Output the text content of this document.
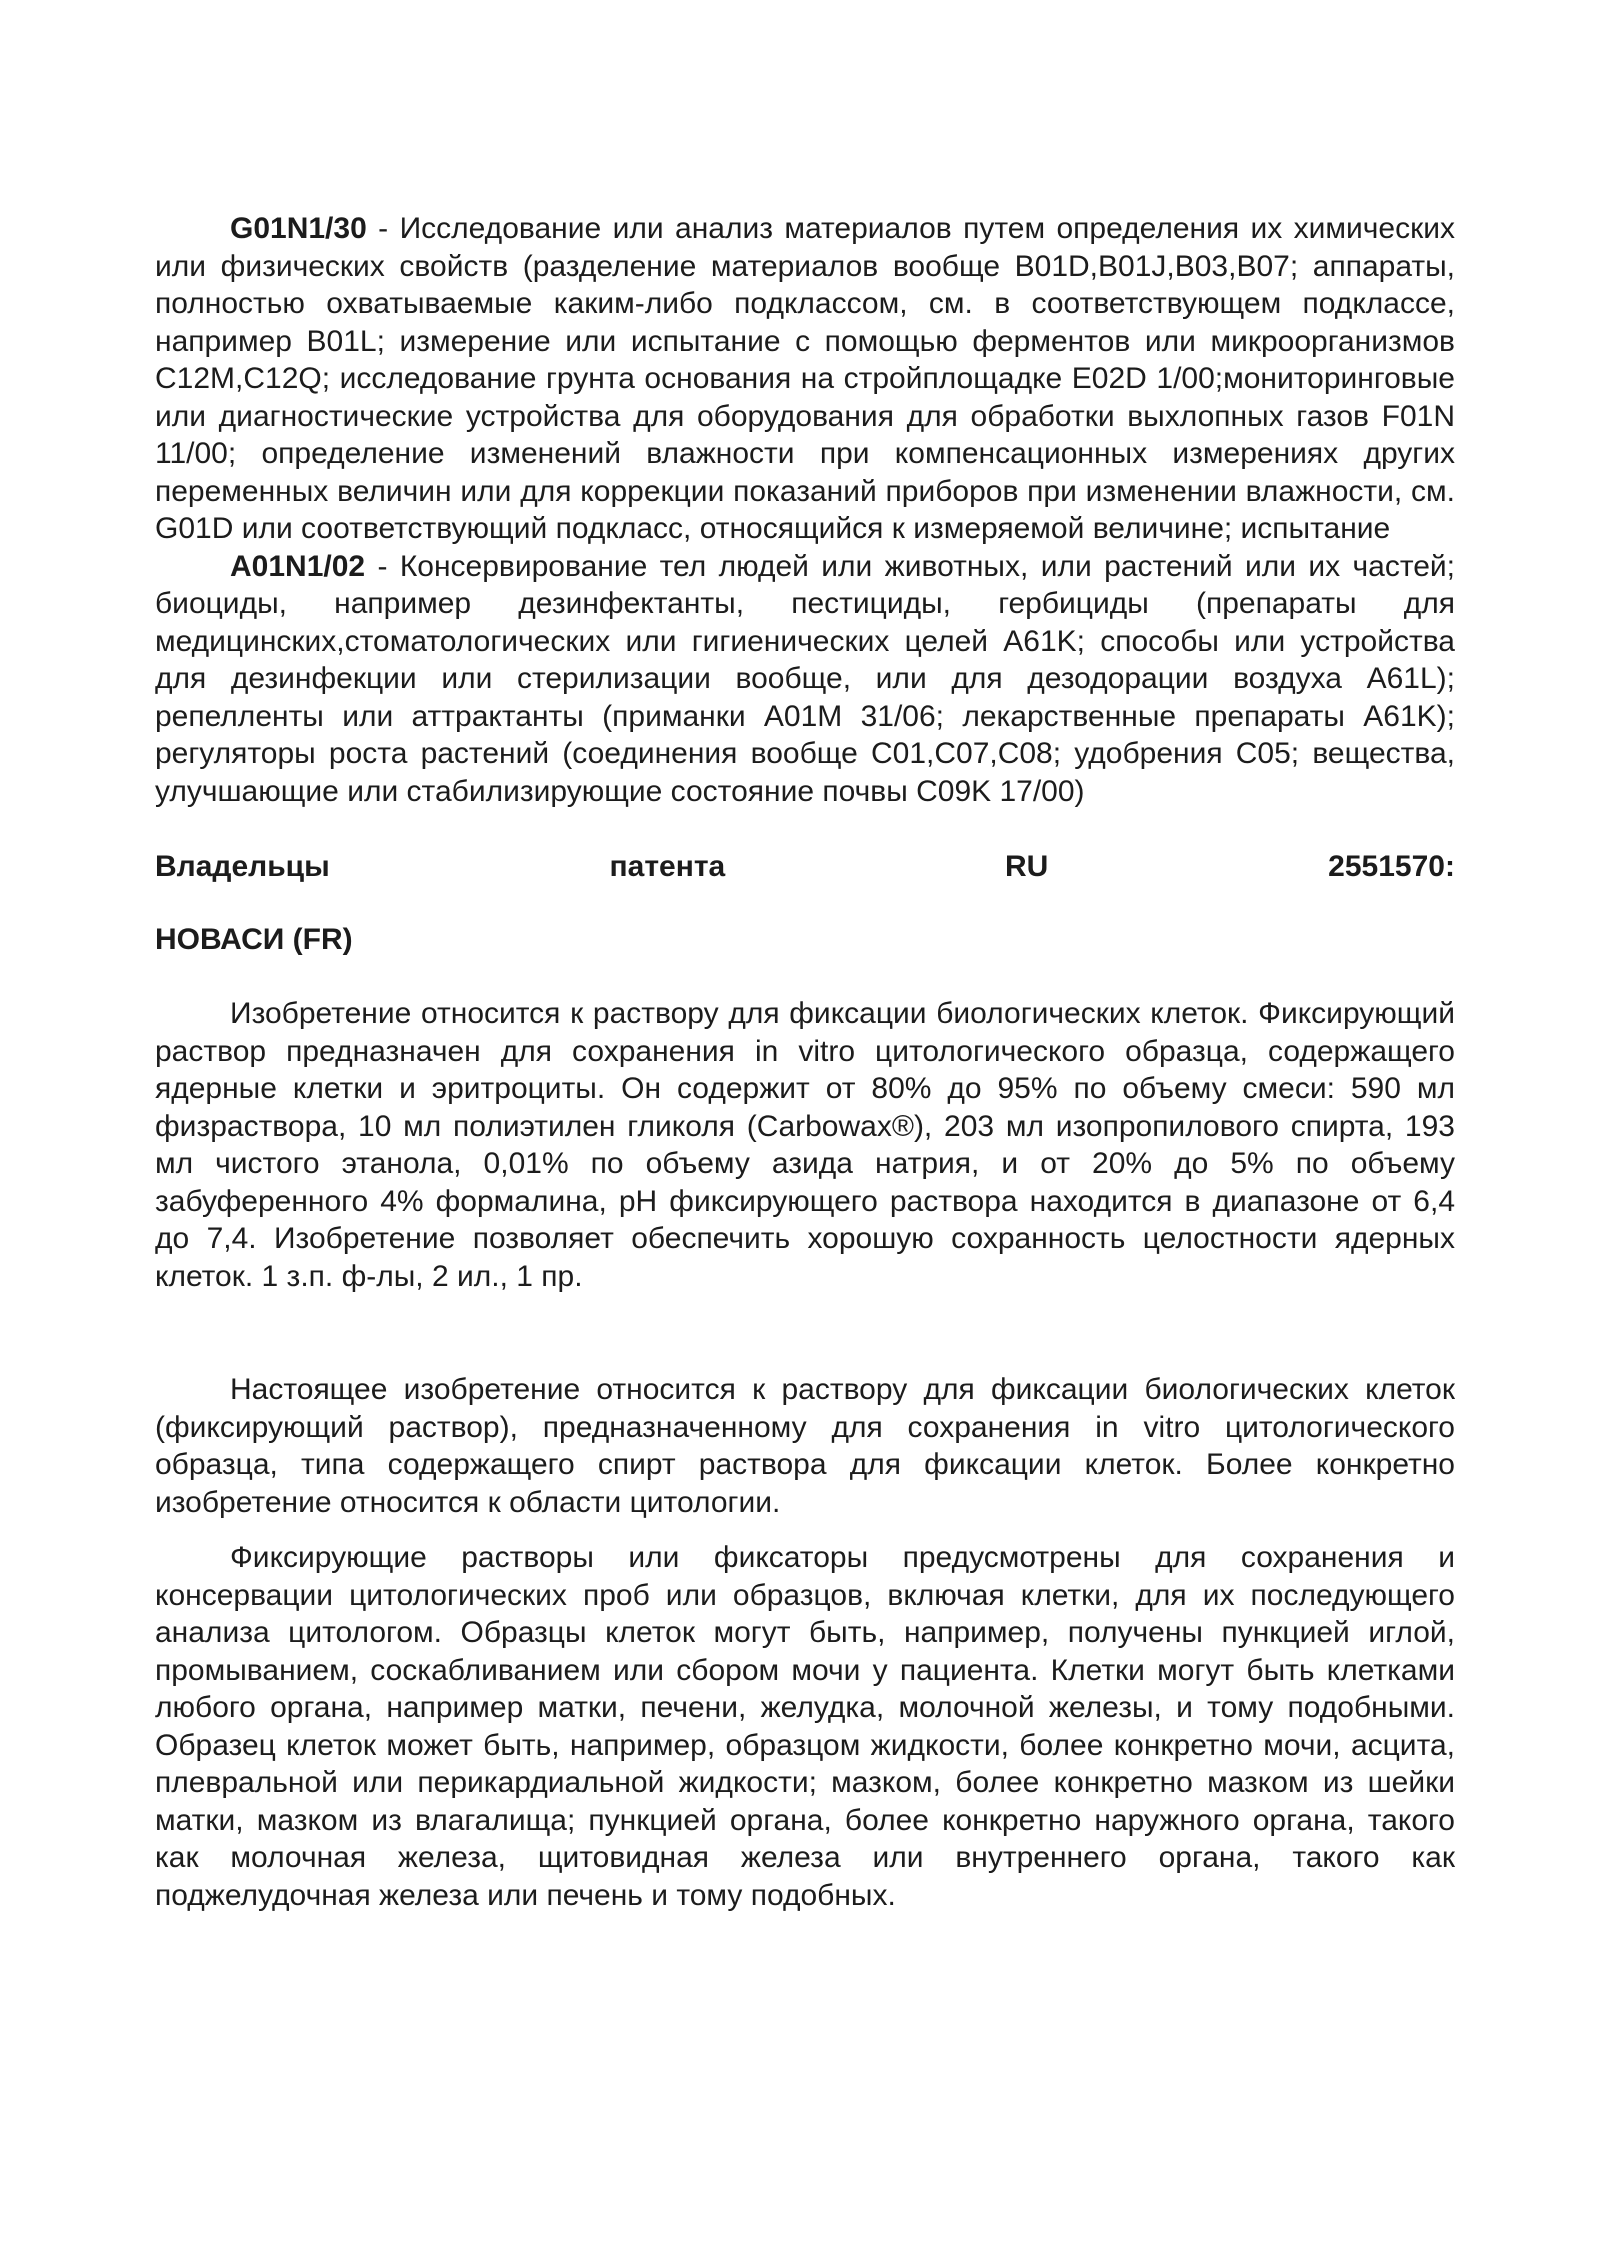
G01N1/30 - Исследование или анализ материалов путем определения их химических или физических свойств (разделение материалов вообще B01D,B01J,B03,B07; аппараты, полностью охватываемые каким-либо подклассом, см. в соответствующем подклассе, например B01L; измерение или испытание с помощью ферментов или микроорганизмов C12M,C12Q; исследование грунта основания на стройплощадке E02D 1/00;мониторинговые или диагностические устройства для оборудования для обработки выхлопных газов F01N 11/00; определение изменений влажности при компенсационных измерениях других переменных величин или для коррекции показаний приборов при изменении влажности, см. G01D или соответствующий подкласс, относящийся к измеряемой величине; испытание

A01N1/02 - Консервирование тел людей или животных, или растений или их частей; биоциды, например дезинфектанты, пестициды, гербициды (препараты для медицинских,стоматологических или гигиенических целей A61K; способы или устройства для дезинфекции или стерилизации вообще, или для дезодорации воздуха A61L); репелленты или аттрактанты (приманки A01M 31/06; лекарственные препараты A61K); регуляторы роста растений (соединения вообще C01,C07,C08; удобрения C05; вещества, улучшающие или стабилизирующие состояние почвы C09K 17/00)

Владельцы	патента	RU	2551570:

НОВАСИ (FR)

Изобретение относится к раствору для фиксации биологических клеток. Фиксирующий раствор предназначен для сохранения in vitro цитологического образца, содержащего ядерные клетки и эритроциты. Он содержит от 80% до 95% по объему смеси: 590 мл физраствора, 10 мл полиэтилен гликоля (Carbowax®), 203 мл изопропилового спирта, 193 мл чистого этанола, 0,01% по объему азида натрия, и от 20% до 5% по объему забуференного 4% формалина, pH фиксирующего раствора находится в диапазоне от 6,4 до 7,4. Изобретение позволяет обеспечить хорошую сохранность целостности ядерных клеток. 1 з.п. ф-лы, 2 ил., 1 пр.

Настоящее изобретение относится к раствору для фиксации биологических клеток (фиксирующий раствор), предназначенному для сохранения in vitro цитологического образца, типа содержащего спирт раствора для фиксации клеток. Более конкретно изобретение относится к области цитологии.

Фиксирующие растворы или фиксаторы предусмотрены для сохранения и консервации цитологических проб или образцов, включая клетки, для их последующего анализа цитологом. Образцы клеток могут быть, например, получены пункцией иглой, промыванием, соскабливанием или сбором мочи у пациента. Клетки могут быть клетками любого органа, например матки, печени, желудка, молочной железы, и тому подобными. Образец клеток может быть, например, образцом жидкости, более конкретно мочи, асцита, плевральной или перикардиальной жидкости; мазком, более конкретно мазком из шейки матки, мазком из влагалища; пункцией органа, более конкретно наружного органа, такого как молочная железа, щитовидная железа или внутреннего органа, такого как поджелудочная железа или печень и тому подобных.
